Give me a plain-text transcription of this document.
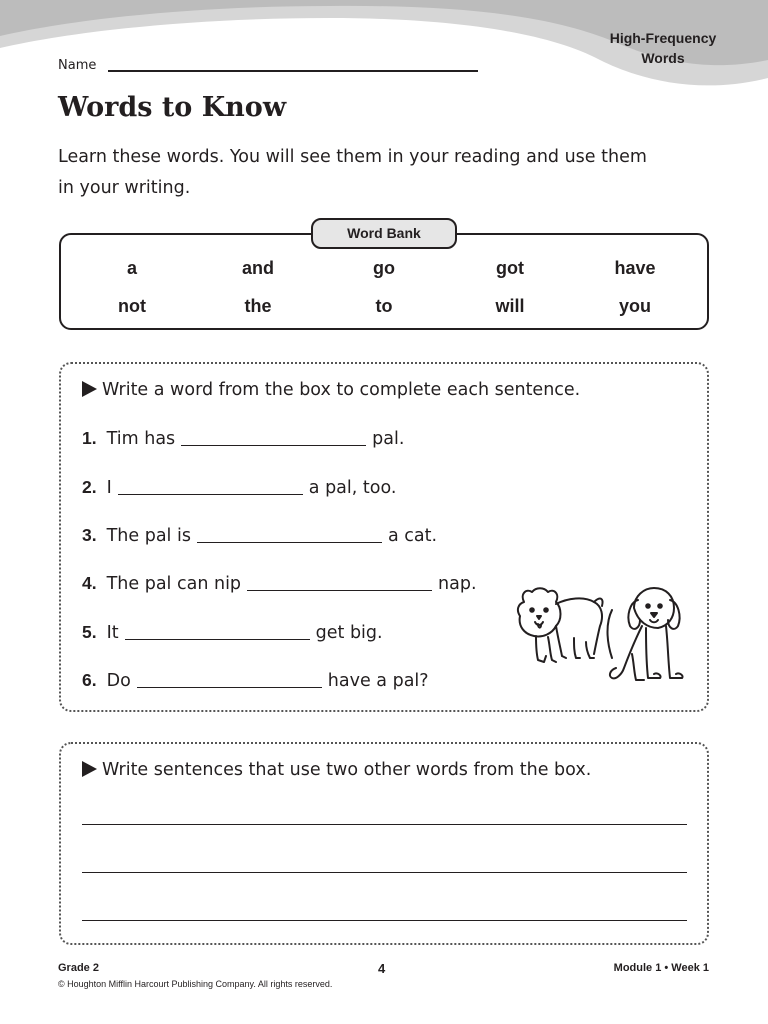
High-Frequency
Words
Name
Words to Know
Learn these words. You will see them in your reading and use them in your writing.
Word Bank
a	and	go	got	have
not	the	to	will	you
Write a word from the box to complete each sentence.
1. Tim has	pal.
2. I	a pal, too.
3. The pal is	a cat.
4. The pal can nip	nap.
5. It	get big.
6. Do	have a pal?
Write sentences that use two other words from the box.
Grade 2	4	Module 1 • Week 1
© Houghton Mifflin Harcourt Publishing Company. All rights reserved.
